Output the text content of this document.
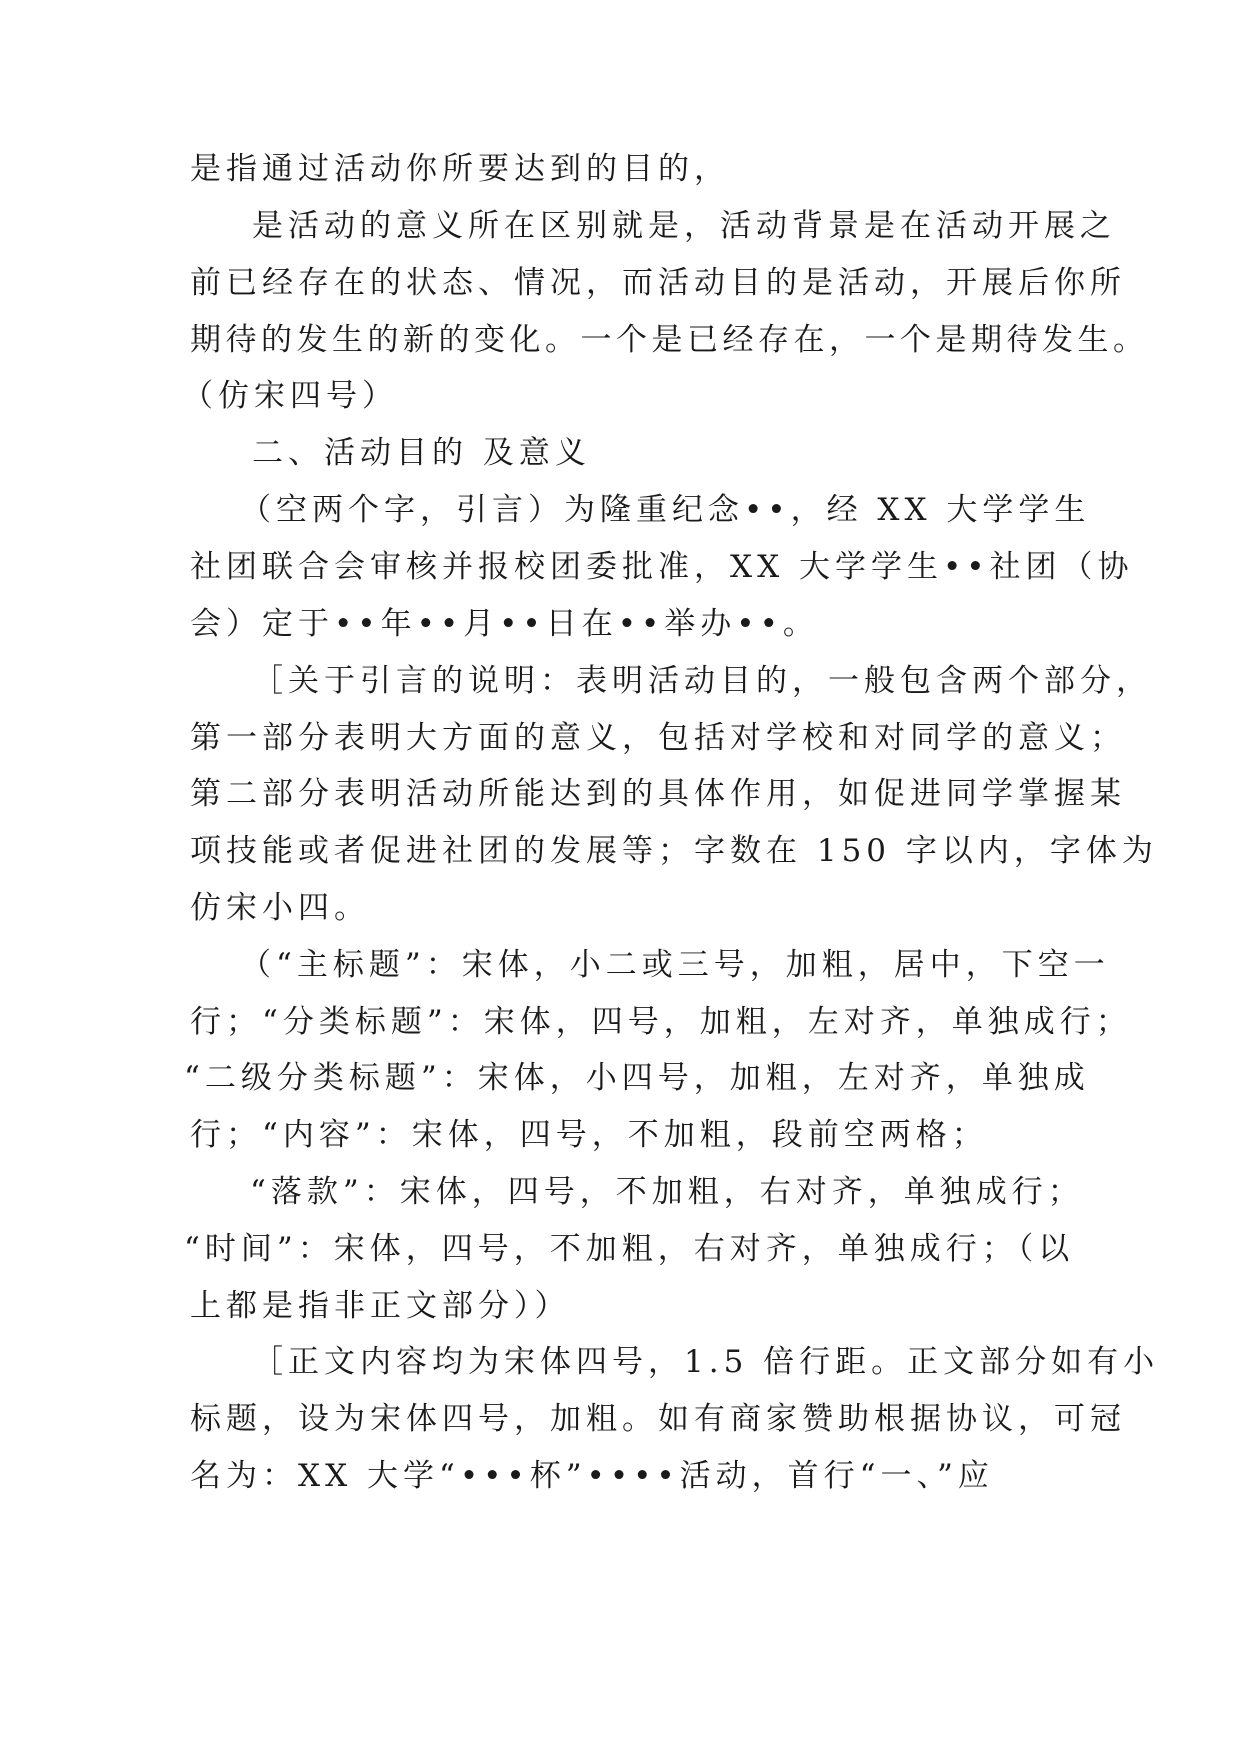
是指通过活动你所要达到的目的，
是活动的意义所在区别就是，活动背景是在活动开展之
前已经存在的状态、情况，而活动目的是活动，开展后你所
期待的发生的新的变化。一个是已经存在，一个是期待发生。
（仿宋四号）
二、活动目的 及意义
（空两个字，引言）为隆重纪念••，经 XX 大学学生
社团联合会审核并报校团委批准，XX 大学学生••社团（协
会）定于••年••月••日在••举办••。
［关于引言的说明：表明活动目的，一般包含两个部分，
第一部分表明大方面的意义，包括对学校和对同学的意义；
第二部分表明活动所能达到的具体作用，如促进同学掌握某
项技能或者促进社团的发展等；字数在 150 字以内，字体为
仿宋小四。
（“主标题”：宋体，小二或三号，加粗，居中，下空一
行；“分类标题”：宋体，四号，加粗，左对齐，单独成行；
“二级分类标题”：宋体，小四号，加粗，左对齐，单独成
行；“内容”：宋体，四号，不加粗，段前空两格；
“落款”：宋体，四号，不加粗，右对齐，单独成行；
“时间”：宋体，四号，不加粗，右对齐，单独成行；（以
上都是指非正文部分））
［正文内容均为宋体四号，1.5 倍行距。正文部分如有小
标题，设为宋体四号，加粗。如有商家赞助根据协议，可冠
名为：XX 大学“•••杯”••••活动，首行“一、”应
